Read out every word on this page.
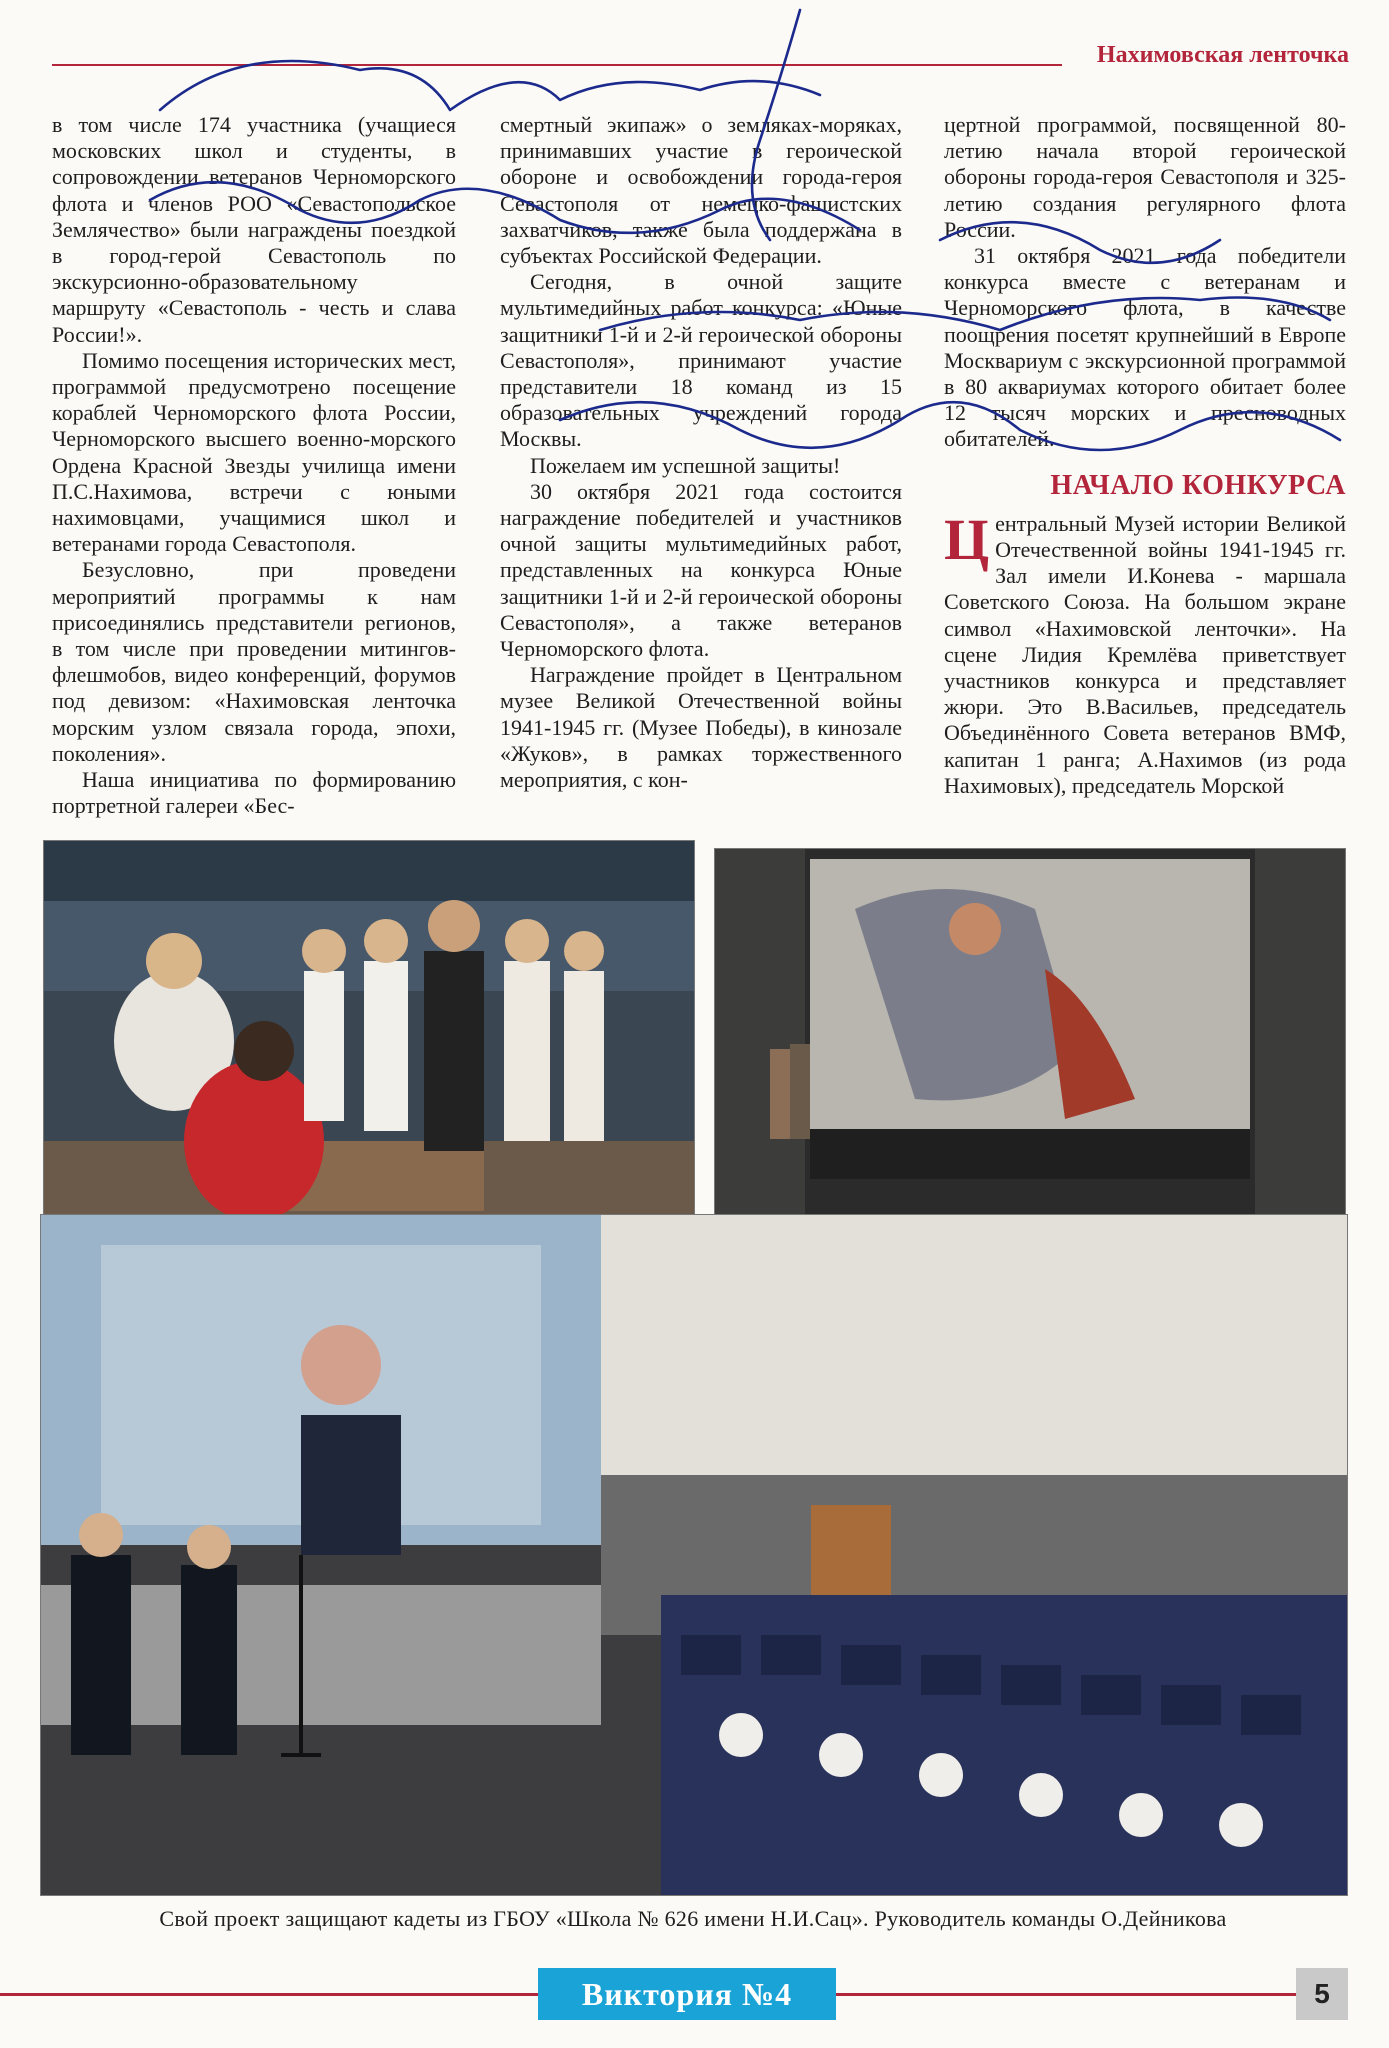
Нахимовская ленточка

в том числе 174 участника (учащиеся московских школ и студенты, в сопровождении ветеранов Черноморского флота и членов РОО «Севастопольское Землячество» были награждены поездкой в город-герой Севастополь по экскурсионно-образовательному маршруту «Севастополь - честь и слава России!».

Помимо посещения исторических мест, программой предусмотрено посещение кораблей Черноморского флота России, Черноморского высшего военно-морского Ордена Красной Звезды училища имени П.С.Нахимова, встречи с юными нахимовцами, учащимися школ и ветеранами города Севастополя.

Безусловно, при проведени мероприятий программы к нам присоединялись представители регионов, в том числе при проведении митингов-флешмобов, видео конференций, форумов под девизом: «Нахимовская ленточка морским узлом связала города, эпохи, поколения».

Наша инициатива по формированию портретной галереи «Бес-

смертный экипаж» о земляках-моряках, принимавших участие в героической обороне и освобождении города-героя Севастополя от немецко-фашистских захватчиков, также была поддержана в субъектах Российской Федерации.

Сегодня, в очной защите мультимедийных работ конкурса: «Юные защитники 1-й и 2-й героической обороны Севастополя», принимают участие представители 18 команд из 15 образовательных учреждений города Москвы.

Пожелаем им успешной защиты!

30 октября 2021 года состоится награждение победителей и участников очной защиты мультимедийных работ, представленных на конкурса Юные защитники 1-й и 2-й героической обороны Севастополя», а также ветеранов Черноморского флота.

Награждение пройдет в Центральном музее Великой Отечественной войны 1941-1945 гг. (Музее Победы), в кинозале «Жуков», в рамках торжественного мероприятия, с кон-

цертной программой, посвященной 80-летию начала второй героической обороны города-героя Севастополя и 325-летию создания регулярного флота России.

31 октября 2021 года победители конкурса вместе с ветеранам и Черноморского флота, в качестве поощрения посетят крупнейший в Европе Москвариум с экскурсионной программой в 80 аквариумах которого обитает более 12 тысяч морских и пресноводных обитателей.

НАЧАЛО КОНКУРСА

Центральный Музей истории Великой Отечественной войны 1941-1945 гг. Зал имели И.Конева - маршала Советского Союза. На большом экране символ «Нахимовской ленточки». На сцене Лидия Кремлёва приветствует участников конкурса и представляет жюри. Это В.Васильев, председатель Объединённого Совета ветеранов ВМФ, капитан 1 ранга; А.Нахимов (из рода Нахимовых), председатель Морской

Свой проект защищают кадеты из ГБОУ «Школа № 626 имени Н.И.Сац». Руководитель команды О.Дейникова
Виктория №4	5
